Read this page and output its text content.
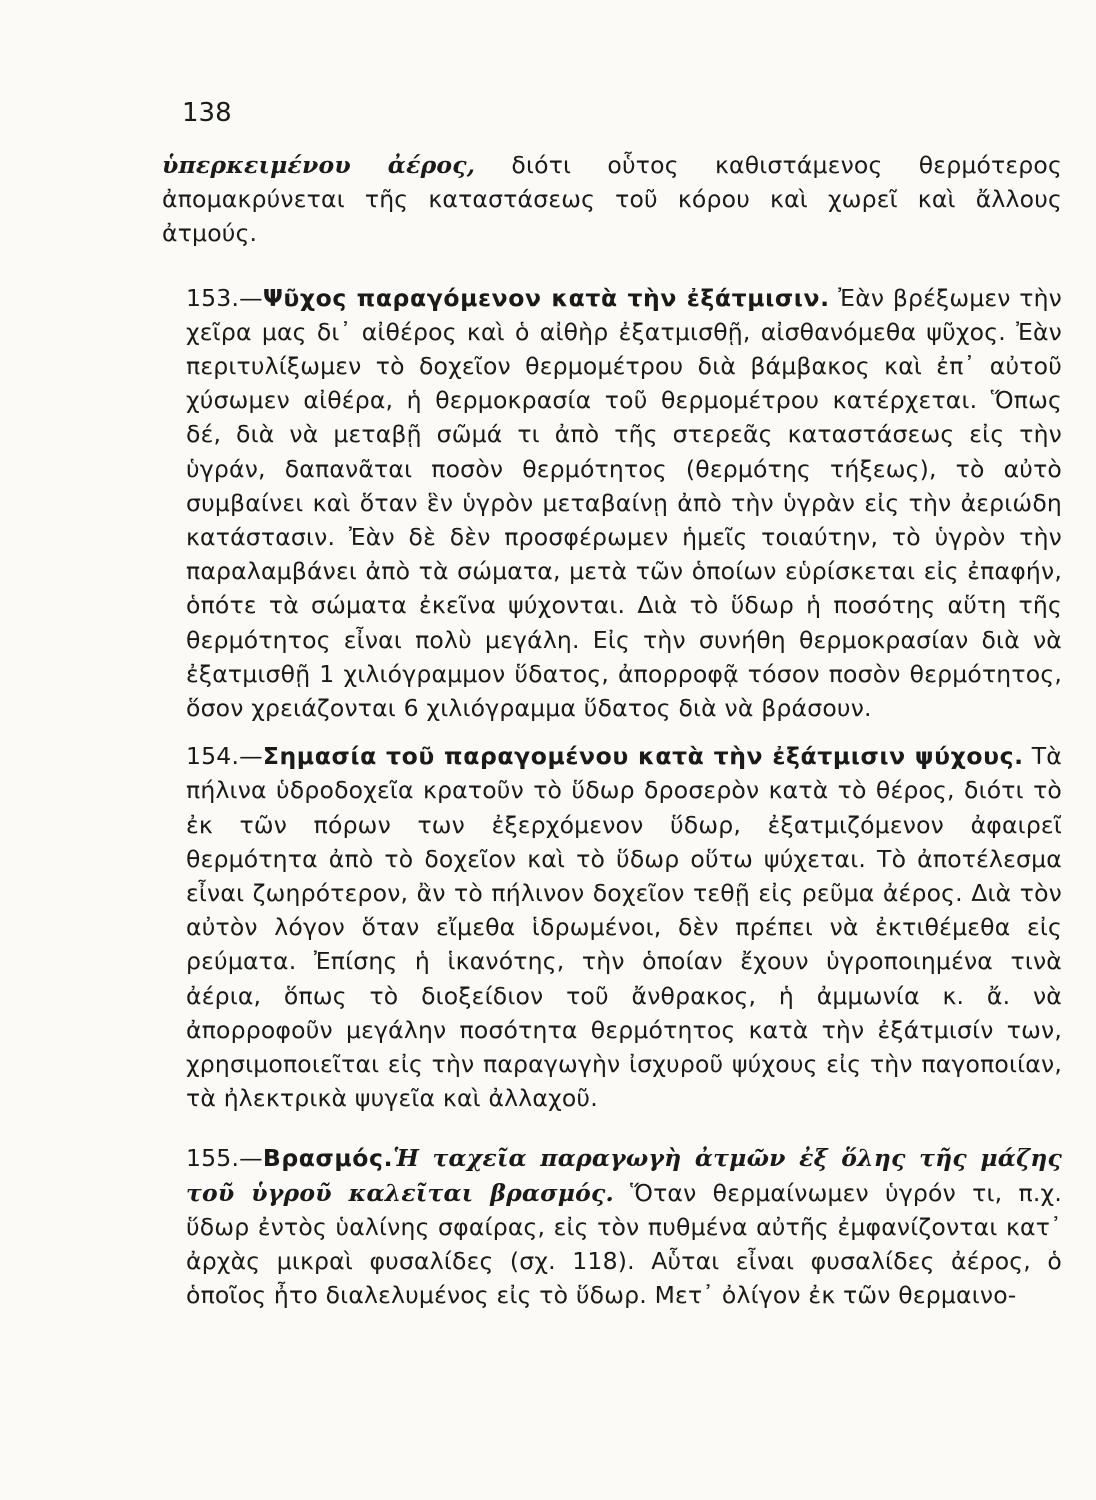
138

ὑπερκειμένου ἀέρος, διότι οὗτος καθιστάμενος θερμότερος ἀπομακρύνεται τῆς καταστάσεως τοῦ κόρου καὶ χωρεῖ καὶ ἄλλους ἀτμούς.

153.—Ψῦχος παραγόμενον κατὰ τὴν ἐξάτμισιν. Ἐὰν βρέξωμεν τὴν χεῖρα μας δι᾽ αἰθέρος καὶ ὁ αἰθὴρ ἐξατμισθῇ, αἰσθανόμεθα ψῦχος. Ἐὰν περιτυλίξωμεν τὸ δοχεῖον θερμομέτρου διὰ βάμβακος καὶ ἐπ᾽ αὐτοῦ χύσωμεν αἰθέρα, ἡ θερμοκρασία τοῦ θερμομέτρου κατέρχεται. Ὅπως δέ, διὰ νὰ μεταβῇ σῶμά τι ἀπὸ τῆς στερεᾶς καταστάσεως εἰς τὴν ὑγράν, δαπανᾶται ποσὸν θερμότητος (θερμότης τήξεως), τὸ αὐτὸ συμβαίνει καὶ ὅταν ἓν ὑγρὸν μεταβαίνῃ ἀπὸ τὴν ὑγρὰν εἰς τὴν ἀεριώδη κατάστασιν. Ἐὰν δὲ δὲν προσφέρωμεν ἡμεῖς τοιαύτην, τὸ ὑγρὸν τὴν παραλαμβάνει ἀπὸ τὰ σώματα, μετὰ τῶν ὁποίων εὑρίσκεται εἰς ἐπαφήν, ὁπότε τὰ σώματα ἐκεῖνα ψύχονται. Διὰ τὸ ὕδωρ ἡ ποσότης αὕτη τῆς θερμότητος εἶναι πολὺ μεγάλη. Εἰς τὴν συνήθη θερμοκρασίαν διὰ νὰ ἐξατμισθῇ 1 χιλιόγραμμον ὕδατος, ἀπορροφᾷ τόσον ποσὸν θερμότητος, ὅσον χρειάζονται 6 χιλιόγραμμα ὕδατος διὰ νὰ βράσουν.

154.—Σημασία τοῦ παραγομένου κατὰ τὴν ἐξάτμισιν ψύχους. Τὰ πήλινα ὑδροδοχεῖα κρατοῦν τὸ ὕδωρ δροσερὸν κατὰ τὸ θέρος, διότι τὸ ἐκ τῶν πόρων των ἐξερχόμενον ὕδωρ, ἐξατμιζόμενον ἀφαιρεῖ θερμότητα ἀπὸ τὸ δοχεῖον καὶ τὸ ὕδωρ οὕτω ψύχεται. Τὸ ἀποτέλεσμα εἶναι ζωηρότερον, ἂν τὸ πήλινον δοχεῖον τεθῇ εἰς ρεῦμα ἀέρος. Διὰ τὸν αὐτὸν λόγον ὅταν εἴμεθα ἱδρωμένοι, δὲν πρέπει νὰ ἐκτιθέμεθα εἰς ρεύματα. Ἐπίσης ἡ ἱκανότης, τὴν ὁποίαν ἔχουν ὑγροποιημένα τινὰ ἀέρια, ὅπως τὸ διοξείδιον τοῦ ἄνθρακος, ἡ ἀμμωνία κ. ἄ. νὰ ἀπορροφοῦν μεγάλην ποσότητα θερμότητος κατὰ τὴν ἐξάτμισίν των, χρησιμοποιεῖται εἰς τὴν παραγωγὴν ἰσχυροῦ ψύχους εἰς τὴν παγοποιίαν, τὰ ἠλεκτρικὰ ψυγεῖα καὶ ἀλλαχοῦ.

155.—Βρασμός.Ἡ ταχεῖα παραγωγὴ ἀτμῶν ἐξ ὅλης τῆς μάζης τοῦ ὑγροῦ καλεῖται βρασμός. Ὅταν θερμαίνωμεν ὑγρόν τι, π.χ. ὕδωρ ἐντὸς ὑαλίνης σφαίρας, εἰς τὸν πυθμένα αὐτῆς ἐμφανίζονται κατ᾽ ἀρχὰς μικραὶ φυσαλίδες (σχ. 118). Αὗται εἶναι φυσαλίδες ἀέρος, ὁ ὁποῖος ἦτο διαλελυμένος εἰς τὸ ὕδωρ. Μετ᾽ ὀλίγον ἐκ τῶν θερμαινο-
